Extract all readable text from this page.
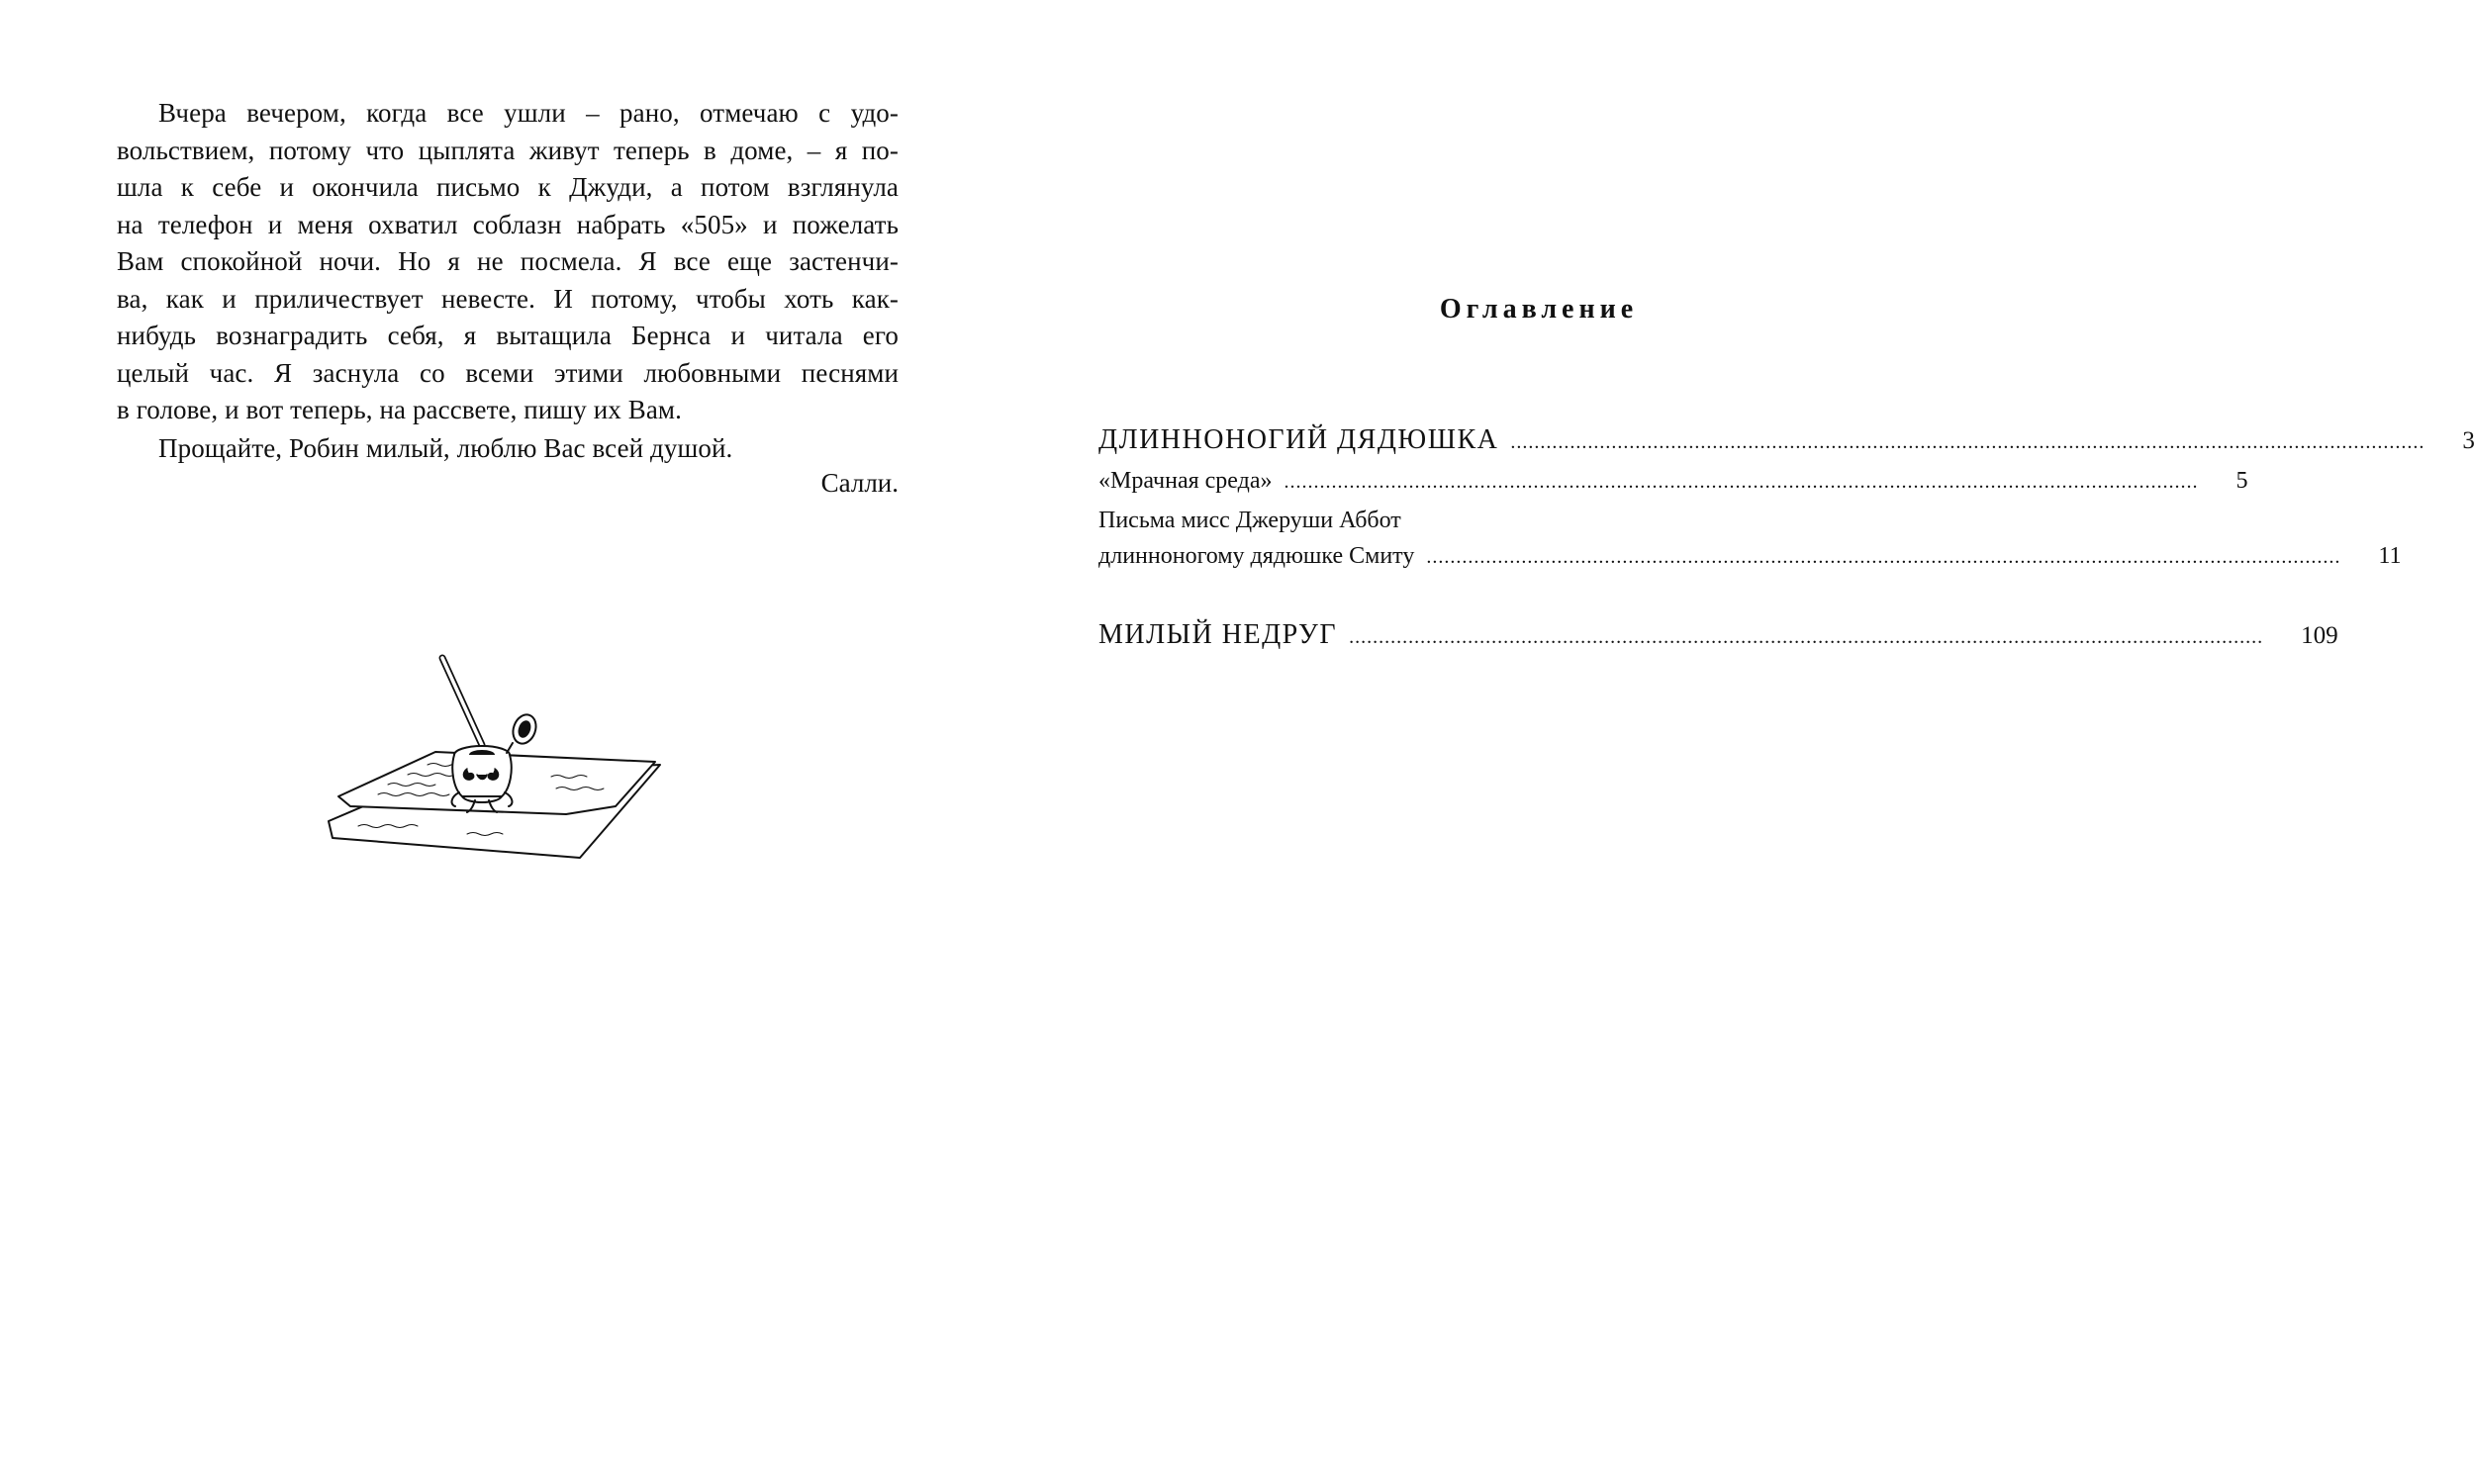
Вчера вечером, когда все ушли – рано, отмечаю с удо-
вольствием, потому что цыплята живут теперь в доме, – я по-
шла к себе и окончила письмо к Джуди, а потом взглянула
на телефон и меня охватил соблазн набрать «505» и пожелать
Вам спокойной ночи. Но я не посмела. Я все еще застенчи-
ва, как и приличествует невесте. И потому, чтобы хоть как-
нибудь вознаградить себя, я вытащила Бернса и читала его
целый час. Я заснула со всеми этими любовными песнями
в голове, и вот теперь, на рассвете, пишу их Вам.
Прощайте, Робин милый, люблю Вас всей душой.
Салли.
Оглавление
ДЛИННОНОГИЙ ДЯДЮШКА .......................................................................................................................................................... 3
«Мрачная среда» .......................................................................................................................................................... 5
Письма мисс Джеруши Аббот
длинноногому дядюшке Смиту .......................................................................................................................................................... 11
МИЛЫЙ НЕДРУГ .......................................................................................................................................................... 109
